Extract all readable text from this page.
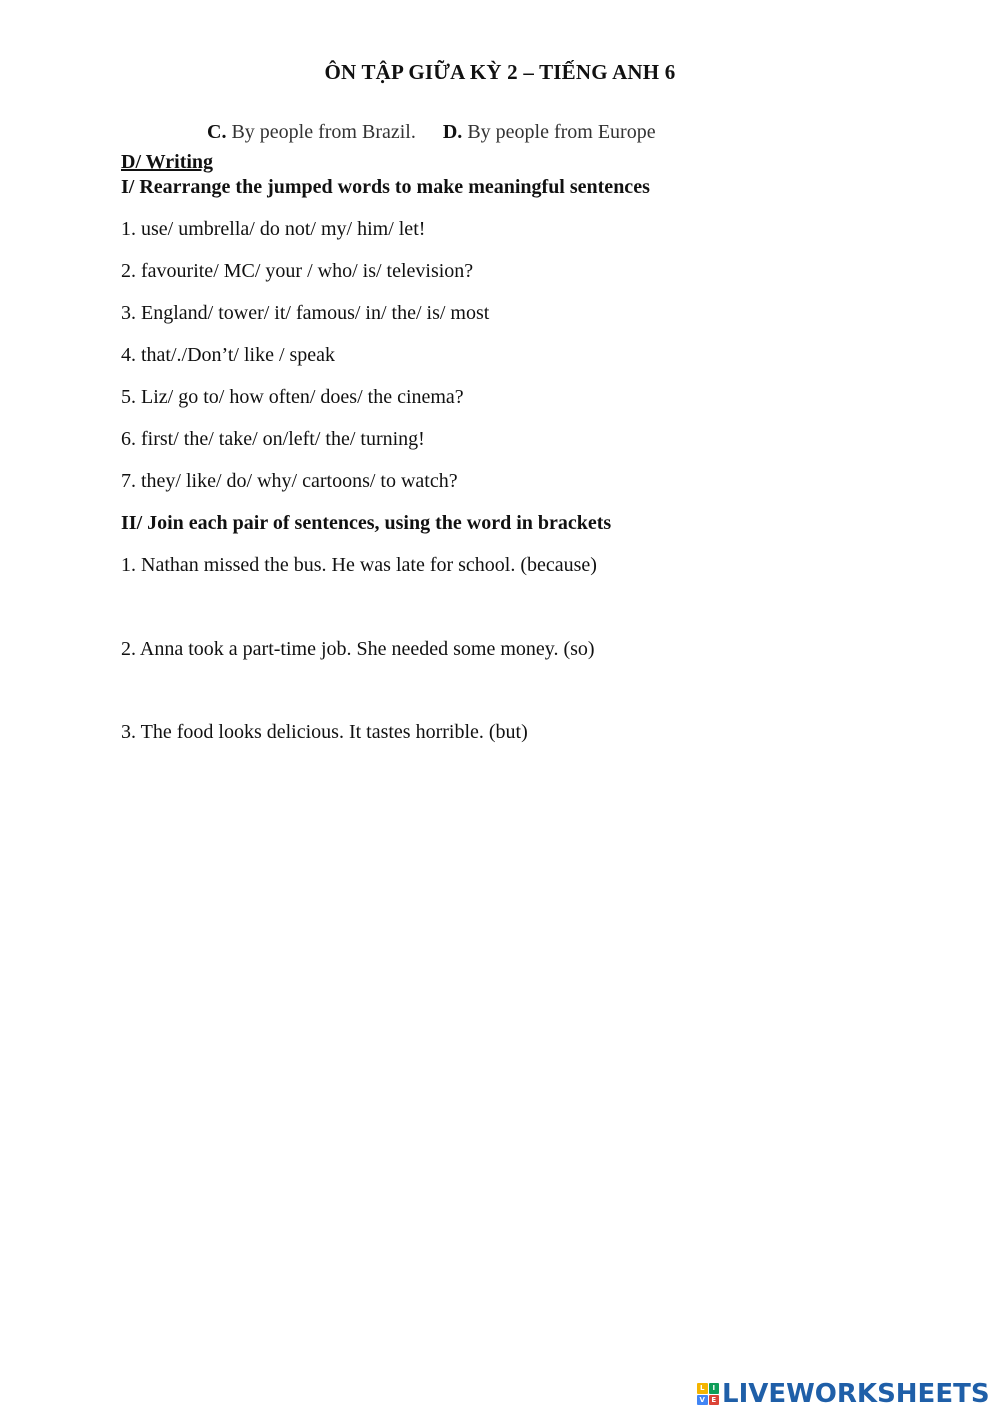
ÔN TẬP GIỮA KỲ 2 – TIẾNG ANH 6
C. By people from Brazil. D. By people from Europe
D/ Writing
I/ Rearrange the jumped words to make meaningful sentences
1. use/ umbrella/ do not/ my/ him/ let!
2. favourite/ MC/ your / who/ is/ television?
3. England/ tower/ it/ famous/ in/ the/ is/ most
4. that/./Don’t/ like / speak
5. Liz/ go to/ how often/ does/ the cinema?
6. first/ the/ take/ on/left/ the/ turning!
7. they/ like/ do/ why/ cartoons/ to watch?
II/ Join each pair of sentences, using the word in brackets
1. Nathan missed the bus. He was late for school. (because)
2. Anna took a part-time job. She needed some money. (so)
3. The food looks delicious. It tastes horrible. (but)
L	I
V E LIVEWORKSHEETS
